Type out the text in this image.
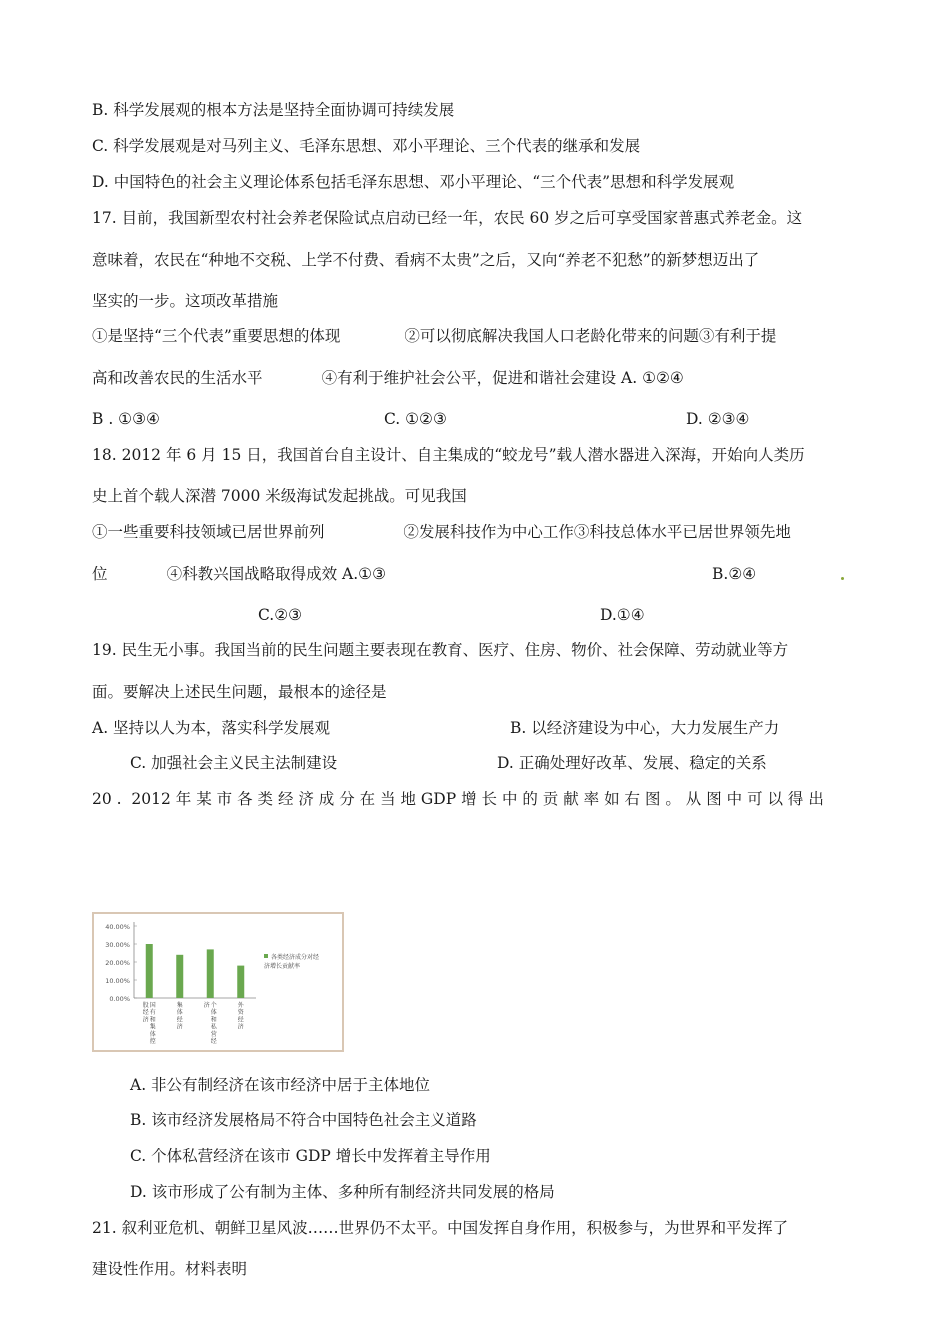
B. 科学发展观的根本方法是坚持全面协调可持续发展
C. 科学发展观是对马列主义、毛泽东思想、邓小平理论、三个代表的继承和发展
D. 中国特色的社会主义理论体系包括毛泽东思想、邓小平理论、“三个代表”思想和科学发展观
17. 目前，我国新型农村社会养老保险试点启动已经一年，农民 60 岁之后可享受国家普惠式养老金。这
意味着，农民在“种地不交税、上学不付费、看病不太贵”之后，又向“养老不犯愁”的新梦想迈出了
坚实的一步。这项改革措施
①是坚持“三个代表”重要思想的体现             ②可以彻底解决我国人口老龄化带来的问题③有利于提
高和改善农民的生活水平            ④有利于维护社会公平，促进和谐社会建设 A. ①②④
B . ①③④	C. ①②③	D. ②③④
18. 2012 年 6 月 15 日，我国首台自主设计、自主集成的“蛟龙号”载人潜水器进入深海，开始向人类历
史上首个载人深潜 7000 米级海试发起挑战。可见我国
①一些重要科技领域已居世界前列                ②发展科技作为中心工作③科技总体水平已居世界领先地
位            ④科教兴国战略取得成效 A.①③	B.②④
C.②③	D.①④
19. 民生无小事。我国当前的民生问题主要表现在教育、医疗、住房、物价、社会保障、劳动就业等方
面。要解决上述民生问题，最根本的途径是
A. 坚持以人为本，落实科学发展观	B. 以经济建设为中心，大力发展生产力
C. 加强社会主义民主法制建设	D. 正确处理好改革、发展、稳定的关系
20 .  2012 年 某 市 各 类 经 济 成 分 在 当 地 GDP 增 长 中 的 贡 献 率 如 右 图 。 从 图 中 可 以 得 出
A. 非公有制经济在该市经济中居于主体地位
B. 该市经济发展格局不符合中国特色社会主义道路
C. 个体私营经济在该市 GDP 增长中发挥着主导作用
D. 该市形成了公有制为主体、多种所有制经济共同发展的格局
21. 叙利亚危机、朝鲜卫星风波……世界仍不太平。中国发挥自身作用，积极参与，为世界和平发挥了
建设性作用。材料表明
40.00%
30.00%
20.00%
10.00%
0.00%
国
有
和
集
体
控
股
经
济
集
体
经
济
个
体
和
私
营
经
济	外
资
经
济
各类经济成分对经
济增长贡献率
